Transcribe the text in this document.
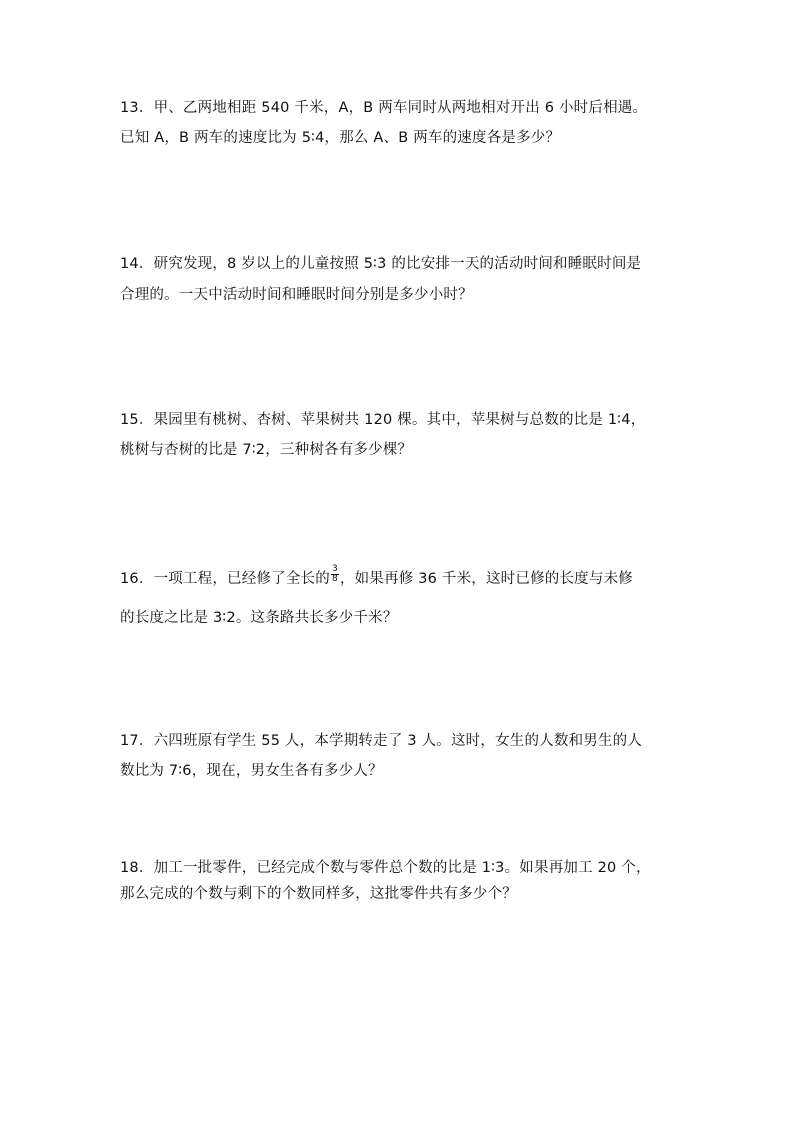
13．甲、乙两地相距 540 千米，A，B 两车同时从两地相对开出 6 小时后相遇。
已知 A，B 两车的速度比为 5∶4，那么 A、B 两车的速度各是多少？
14．研究发现，8 岁以上的儿童按照 5∶3 的比安排一天的活动时间和睡眠时间是
合理的。一天中活动时间和睡眠时间分别是多少小时？
15．果园里有桃树、杏树、苹果树共 120 棵。其中，苹果树与总数的比是 1∶4，
桃树与杏树的比是 7∶2，三种树各有多少棵？
16．一项工程，已经修了全长的 $\frac{3}{8}$ ，如果再修 36 千米，这时已修的长度与未修
的长度之比是 3∶2。这条路共长多少千米？
17．六四班原有学生 55 人，本学期转走了 3 人。这时，女生的人数和男生的人
数比为 7∶6，现在，男女生各有多少人？
18．加工一批零件，已经完成个数与零件总个数的比是 1∶3。如果再加工 20 个，
那么完成的个数与剩下的个数同样多，这批零件共有多少个？
